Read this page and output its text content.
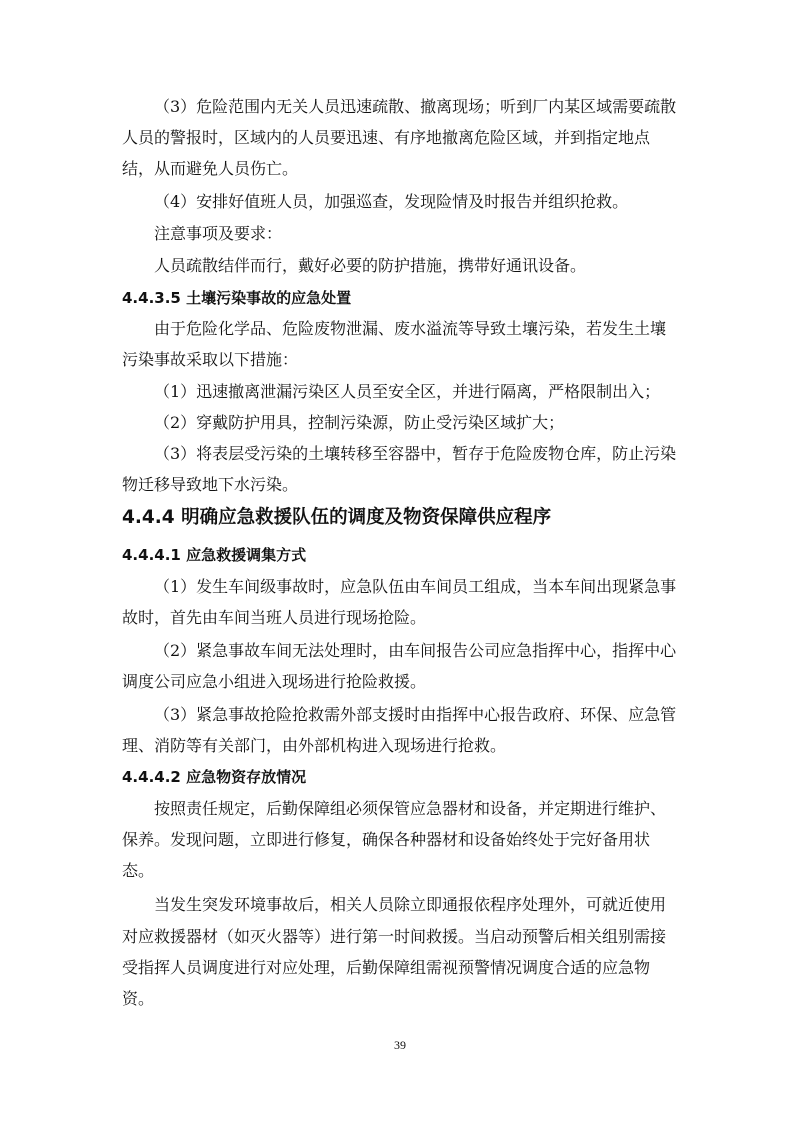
（3）危险范围内无关人员迅速疏散、撤离现场；听到厂内某区域需要疏散

人员的警报时，区域内的人员要迅速、有序地撤离危险区域，并到指定地点

结，从而避免人员伤亡。

（4）安排好值班人员，加强巡查，发现险情及时报告并组织抢救。

注意事项及要求：

人员疏散结伴而行，戴好必要的防护措施，携带好通讯设备。

4.4.3.5 土壤污染事故的应急处置

由于危险化学品、危险废物泄漏、废水溢流等导致土壤污染，若发生土壤

污染事故采取以下措施：

（1）迅速撤离泄漏污染区人员至安全区，并进行隔离，严格限制出入；

（2）穿戴防护用具，控制污染源，防止受污染区域扩大；

（3）将表层受污染的土壤转移至容器中，暂存于危险废物仓库，防止污染

物迁移导致地下水污染。

4.4.4 明确应急救援队伍的调度及物资保障供应程序

4.4.4.1 应急救援调集方式

（1）发生车间级事故时，应急队伍由车间员工组成，当本车间出现紧急事

故时，首先由车间当班人员进行现场抢险。

（2）紧急事故车间无法处理时，由车间报告公司应急指挥中心，指挥中心

调度公司应急小组进入现场进行抢险救援。

（3）紧急事故抢险抢救需外部支援时由指挥中心报告政府、环保、应急管

理、消防等有关部门，由外部机构进入现场进行抢救。

4.4.4.2 应急物资存放情况

按照责任规定，后勤保障组必须保管应急器材和设备，并定期进行维护、

保养。发现问题，立即进行修复，确保各种器材和设备始终处于完好备用状

态。

当发生突发环境事故后，相关人员除立即通报依程序处理外，可就近使用

对应救援器材（如灭火器等）进行第一时间救援。当启动预警后相关组别需接

受指挥人员调度进行对应处理，后勤保障组需视预警情况调度合适的应急物

资。

39
